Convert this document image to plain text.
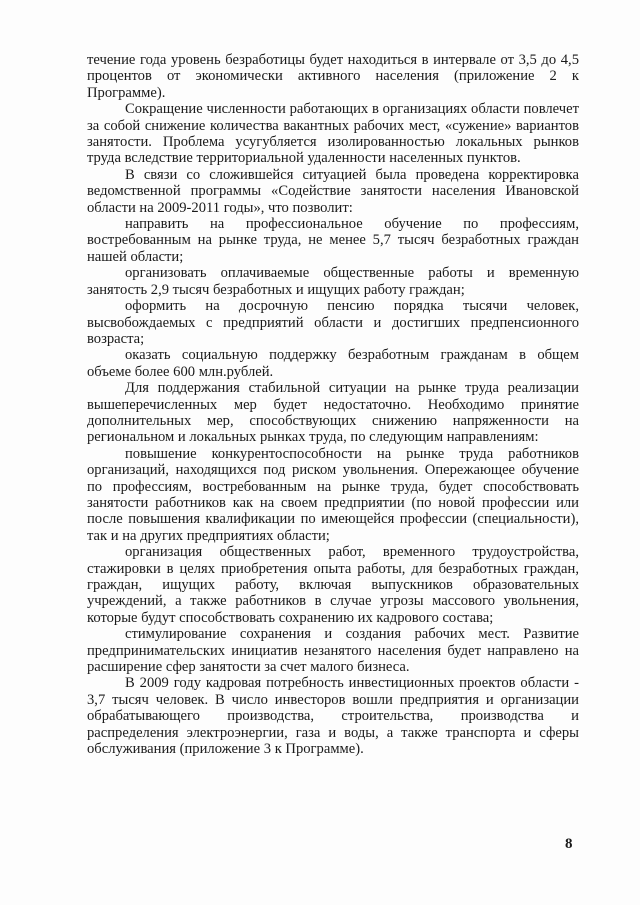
течение года уровень безработицы будет находиться в интервале от 3,5 до 4,5 процентов от экономически активного населения (приложение 2 к Программе).

Сокращение численности работающих в организациях области повлечет за собой снижение количества вакантных рабочих мест, «сужение» вариантов занятости. Проблема усугубляется изолированностью локальных рынков труда вследствие территориальной удаленности населенных пунктов.

В связи со сложившейся ситуацией была проведена корректировка ведомственной программы «Содействие занятости населения Ивановской области на 2009-2011 годы», что позволит:

направить на профессиональное обучение по профессиям, востребованным на рынке труда, не менее 5,7 тысяч безработных граждан нашей области;

организовать оплачиваемые общественные работы и временную занятость 2,9 тысяч безработных и ищущих работу граждан;

оформить на досрочную пенсию порядка тысячи человек, высвобождаемых с предприятий области и достигших предпенсионного возраста;

оказать социальную поддержку безработным гражданам в общем объеме более 600 млн.рублей.

Для поддержания стабильной ситуации на рынке труда реализации вышеперечисленных мер будет недостаточно. Необходимо принятие дополнительных мер, способствующих снижению напряженности на региональном и локальных рынках труда, по следующим направлениям:

повышение конкурентоспособности на рынке труда работников организаций, находящихся под риском увольнения. Опережающее обучение по профессиям, востребованным на рынке труда, будет способствовать занятости работников как на своем предприятии (по новой профессии или после повышения квалификации по имеющейся профессии (специальности), так и на других предприятиях области;

организация общественных работ, временного трудоустройства, стажировки в целях приобретения опыта работы, для безработных граждан, граждан, ищущих работу, включая выпускников образовательных учреждений, а также работников в случае угрозы массового увольнения, которые будут способствовать сохранению их кадрового состава;

стимулирование сохранения и создания рабочих мест. Развитие предпринимательских инициатив незанятого населения будет направлено на расширение сфер занятости за счет малого бизнеса.

В 2009 году кадровая потребность инвестиционных проектов области - 3,7 тысяч человек. В число инвесторов вошли предприятия и организации обрабатывающего производства, строительства, производства и распределения электроэнергии, газа и воды, а также транспорта и сферы обслуживания (приложение 3 к Программе).

8
